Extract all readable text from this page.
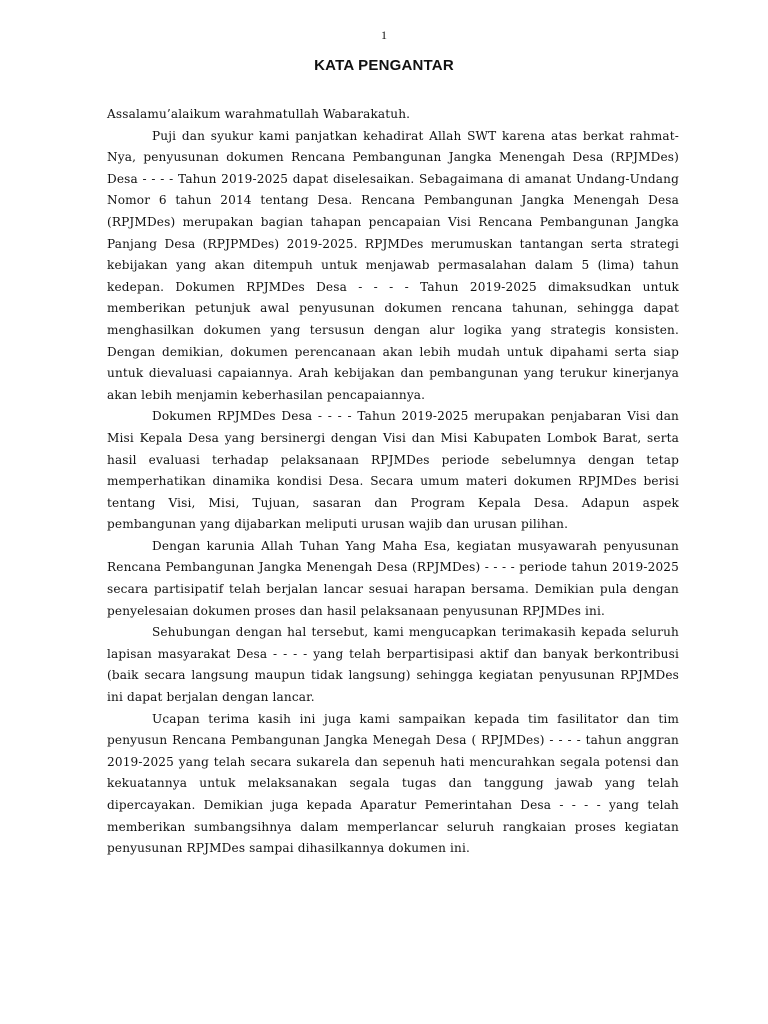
1
KATA PENGANTAR

Assalamu’alaikum warahmatullah Wabarakatuh.

Puji dan syukur kami panjatkan kehadirat Allah SWT karena atas berkat rahmat-Nya, penyusunan dokumen Rencana Pembangunan Jangka Menengah Desa (RPJMDes) Desa - - - - Tahun 2019-2025 dapat diselesaikan. Sebagaimana di amanat Undang-Undang Nomor 6 tahun 2014 tentang Desa. Rencana Pembangunan Jangka Menengah Desa (RPJMDes) merupakan bagian tahapan pencapaian Visi Rencana Pembangunan Jangka Panjang Desa (RPJPMDes) 2019-2025. RPJMDes merumuskan tantangan serta strategi kebijakan yang akan ditempuh untuk menjawab permasalahan dalam 5 (lima) tahun kedepan. Dokumen RPJMDes Desa - - - - Tahun 2019-2025 dimaksudkan untuk memberikan petunjuk awal penyusunan dokumen rencana tahunan, sehingga dapat menghasilkan dokumen yang tersusun dengan alur logika yang strategis konsisten. Dengan demikian, dokumen perencanaan akan lebih mudah untuk dipahami serta siap untuk dievaluasi capaiannya. Arah kebijakan dan pembangunan yang terukur kinerjanya akan lebih menjamin keberhasilan pencapaiannya.

Dokumen RPJMDes Desa - - - - Tahun 2019-2025 merupakan penjabaran Visi dan Misi Kepala Desa yang bersinergi dengan Visi dan Misi Kabupaten Lombok Barat, serta hasil evaluasi terhadap pelaksanaan RPJMDes periode sebelumnya dengan tetap memperhatikan dinamika kondisi Desa. Secara umum materi dokumen RPJMDes berisi tentang Visi, Misi, Tujuan, sasaran dan Program Kepala Desa. Adapun aspek pembangunan yang dijabarkan meliputi urusan wajib dan urusan pilihan.

Dengan karunia Allah Tuhan Yang Maha Esa, kegiatan musyawarah penyusunan Rencana Pembangunan Jangka Menengah Desa (RPJMDes) - - - - periode tahun 2019-2025 secara partisipatif telah berjalan lancar sesuai harapan bersama. Demikian pula dengan penyelesaian dokumen proses dan hasil pelaksanaan penyusunan RPJMDes ini.

Sehubungan dengan hal tersebut, kami mengucapkan terimakasih kepada seluruh lapisan masyarakat Desa - - - - yang telah berpartisipasi aktif dan banyak berkontribusi (baik secara langsung maupun tidak langsung) sehingga kegiatan penyusunan RPJMDes ini dapat berjalan dengan lancar.

Ucapan terima kasih ini juga kami sampaikan kepada tim fasilitator dan tim penyusun Rencana Pembangunan Jangka Menegah Desa ( RPJMDes) - - - - tahun anggran 2019-2025 yang telah secara sukarela dan sepenuh hati mencurahkan segala potensi dan kekuatannya untuk melaksanakan segala tugas dan tanggung jawab yang telah dipercayakan. Demikian juga kepada Aparatur Pemerintahan Desa - - - - yang telah memberikan sumbangsihnya dalam memperlancar seluruh rangkaian proses kegiatan penyusunan RPJMDes sampai dihasilkannya dokumen ini.
